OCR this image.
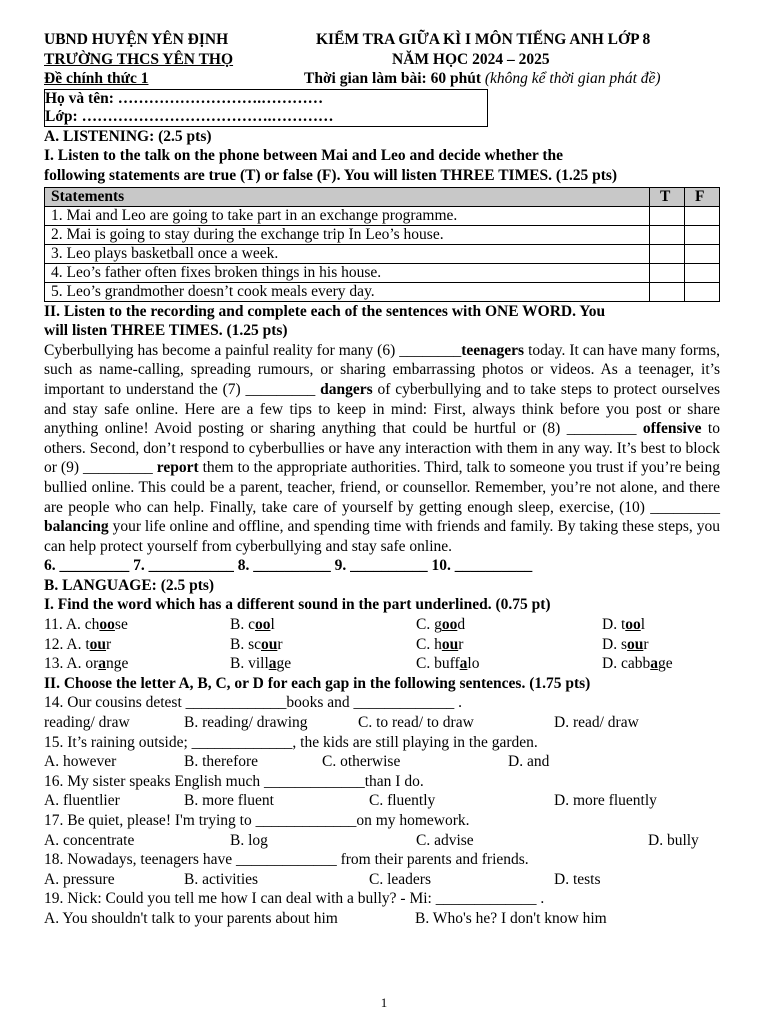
UBND HUYỆN YÊN ĐỊNH	KIỂM TRA GIỮA KÌ I MÔN TIẾNG ANH LỚP 8
TRƯỜNG THCS YÊN THỌ	NĂM HỌC 2024 – 2025
Đề chính thức 1	Thời gian làm bài: 60 phút (không kể thời gian phát đề)
Họ và tên: ……………………….…………
Lớp: ……………………………….…………
A. LISTENING: (2.5 pts)
I. Listen to the talk on the phone between Mai and Leo and decide whether the
following statements are true (T) or false (F). You will listen THREE TIMES. (1.25 pts)
Statements	T	F
1. Mai and Leo are going to take part in an exchange programme.		
2. Mai is going to stay during the exchange trip In Leo’s house.		
3. Leo plays basketball once a week.		
4. Leo’s father often fixes broken things in his house.		
5. Leo’s grandmother doesn’t cook meals every day.		
II. Listen to the recording and complete each of the sentences with ONE WORD. You
will listen THREE TIMES. (1.25 pts)

Cyberbullying has become a painful reality for many (6) ________teenagers today. It can have many forms, such as name-calling, spreading rumours, or sharing embarrassing photos or videos. As a teenager, it’s important to understand the (7) _________ dangers of cyberbullying and to take steps to protect ourselves and stay safe online. Here are a few tips to keep in mind: First, always think before you post or share anything online! Avoid posting or sharing anything that could be hurtful or (8) _________ offensive to others. Second, don’t respond to cyberbullies or have any interaction with them in any way. It’s best to block or (9) _________ report them to the appropriate authorities. Third, talk to someone you trust if you’re being bullied online. This could be a parent, teacher, friend, or counsellor. Remember, you’re not alone, and there are people who can help. Finally, take care of yourself by getting enough sleep, exercise, (10) _________ balancing your life online and offline, and spending time with friends and family. By taking these steps, you can help protect yourself from cyberbullying and stay safe online.

6. _________ 7. ___________ 8. __________ 9. __________ 10. __________
B. LANGUAGE: (2.5 pts)
I. Find the word which has a different sound in the part underlined. (0.75 pt)
11. A. choose	B. cool	C. good	D. tool
12. A. tour	B. scour	C. hour	D. sour
13. A. orange	B. village	C. buffalo	D. cabbage
II. Choose the letter A, B, C, or D for each gap in the following sentences. (1.75 pts)
14. Our cousins detest _____________books and _____________ .
reading/ draw	B. reading/ drawing	C. to read/ to draw	D. read/ draw
15. It’s raining outside; _____________, the kids are still playing in the garden.
A. however	B. therefore	C. otherwise	D. and
16. My sister speaks English much _____________than I do.
A. fluentlier	B. more fluent	C. fluently	D. more fluently
17. Be quiet, please! I'm trying to _____________on my homework.
A. concentrate	B. log	C. advise	D. bully
18. Nowadays, teenagers have _____________ from their parents and friends.
A. pressure	B. activities	C. leaders	D. tests
19. Nick: Could you tell me how I can deal with a bully? - Mi: _____________ .
A. You shouldn't talk to your parents about him	B. Who's he? I don't know him
1
